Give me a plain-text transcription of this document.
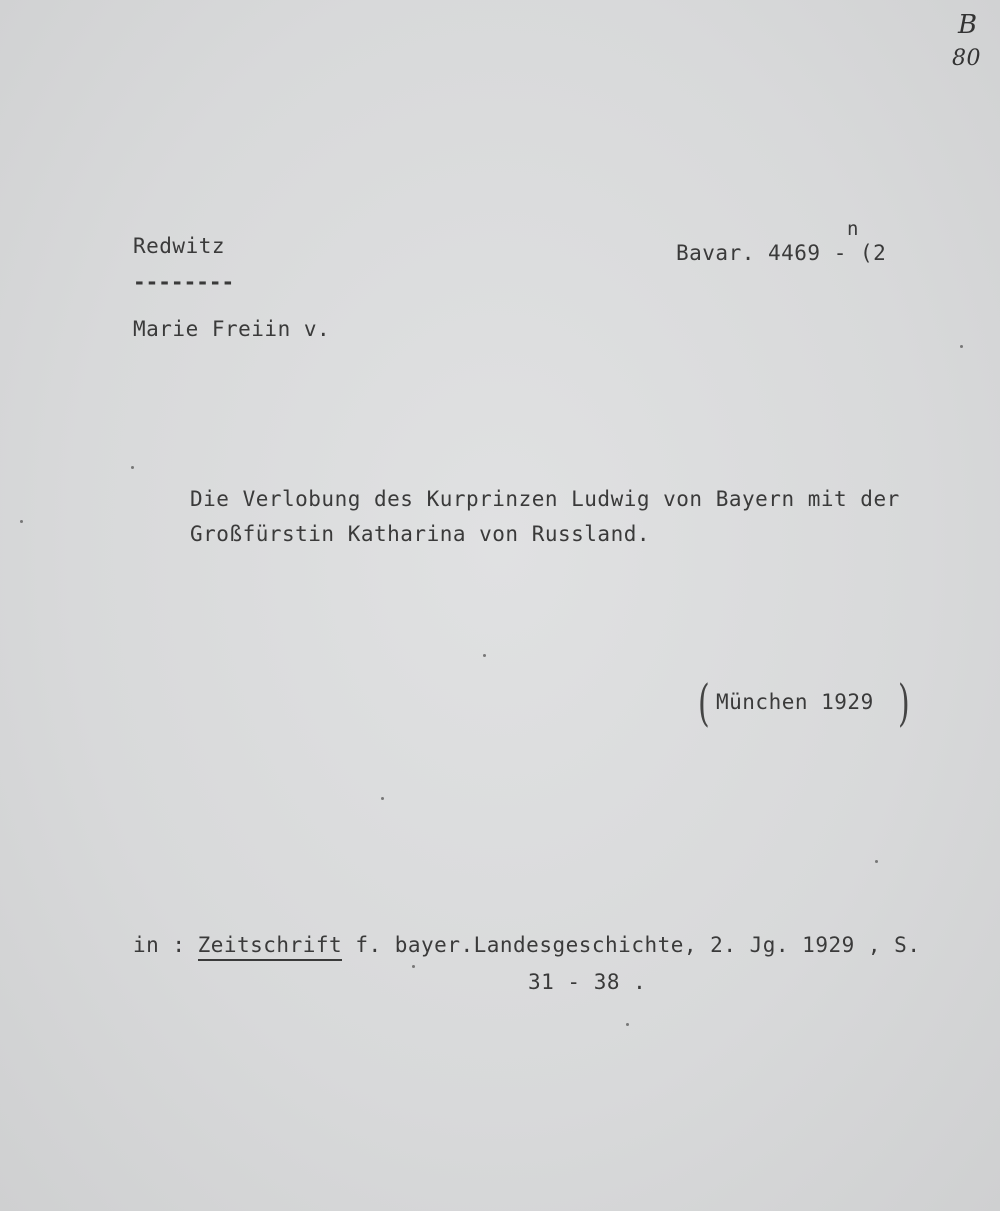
B
80
Redwitz
--------
Marie Freiin v.
n
Bavar. 4469 - (2
Die Verlobung des Kurprinzen Ludwig von Bayern mit der
Großfürstin Katharina von Russland.
( München 1929 )
in : Zeitschrift f. bayer.Landesgeschichte, 2. Jg. 1929 , S.
31 - 38 .
